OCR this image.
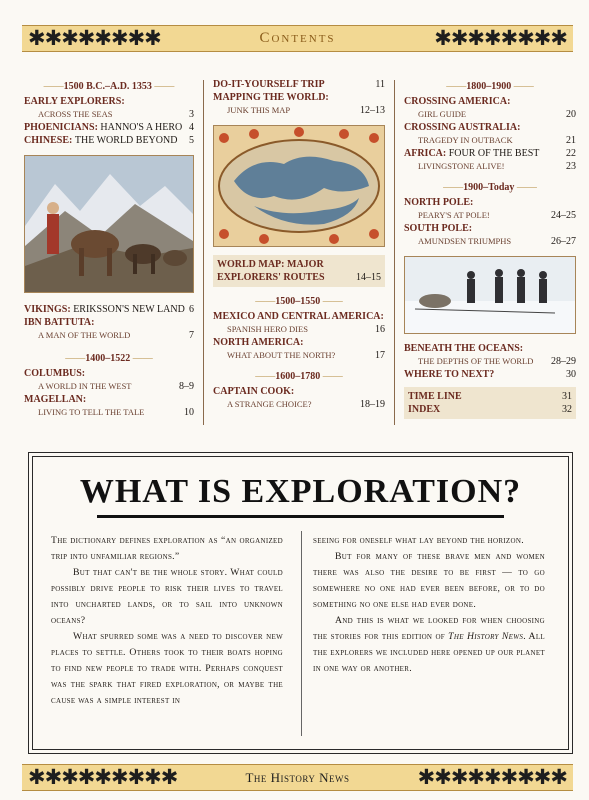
✱✱✱✱✱✱✱✱	Contents	✱✱✱✱✱✱✱✱
—— 1500 B.C.–A.D. 1353 ——
EARLY EXPLORERS:
ACROSS THE SEAS	3
PHOENICIANS: HANNO'S A HERO 4
CHINESE: THE WORLD BEYOND 5
VIKINGS: ERIKSSON'S NEW LAND 6
IBN BATTUTA:
A MAN OF THE WORLD	7
—— 1400–1522 ——
COLUMBUS:
A WORLD IN THE WEST	8–9
MAGELLAN:
LIVING TO TELL THE TALE	10
DO-IT-YOURSELF TRIP	11
MAPPING THE WORLD:
JUNK THIS MAP	12–13
WORLD MAP: MAJOR
EXPLORERS' ROUTES	14–15
—— 1500–1550 ——
MEXICO AND CENTRAL AMERICA:
SPANISH HERO DIES	16
NORTH AMERICA:
WHAT ABOUT THE NORTH?	17
—— 1600–1780 ——
CAPTAIN COOK:
A STRANGE CHOICE?	18–19
—— 1800–1900 ——
CROSSING AMERICA:
GIRL GUIDE	20
CROSSING AUSTRALIA:
TRAGEDY IN OUTBACK	21
AFRICA: FOUR OF THE BEST	22
LIVINGSTONE ALIVE!	23
—— 1900–Today ——
NORTH POLE:
PEARY'S AT POLE!	24–25
SOUTH POLE:
AMUNDSEN TRIUMPHS	26–27
BENEATH THE OCEANS:
THE DEPTHS OF THE WORLD 28–29
WHERE TO NEXT?	30
TIME LINE	31
INDEX	32
WHAT IS EXPLORATION?

The dictionary defines exploration as “an organized trip into unfamiliar regions.”

But that can't be the whole story. What could possibly drive people to risk their lives to travel into uncharted lands, or to sail into unknown oceans?

What spurred some was a need to discover new places to settle. Others took to their boats hoping to find new people to trade with. Perhaps conquest was the spark that fired exploration, or maybe the cause was a simple interest in

seeing for oneself what lay beyond the horizon.

But for many of these brave men and women there was also the desire to be first — to go somewhere no one had ever been before, or to do something no one else had ever done.

And this is what we looked for when choosing the stories for this edition of The History News. All the explorers we included here opened up our planet in one way or another.

✱✱✱✱✱✱✱✱✱	The History News	✱✱✱✱✱✱✱✱✱
